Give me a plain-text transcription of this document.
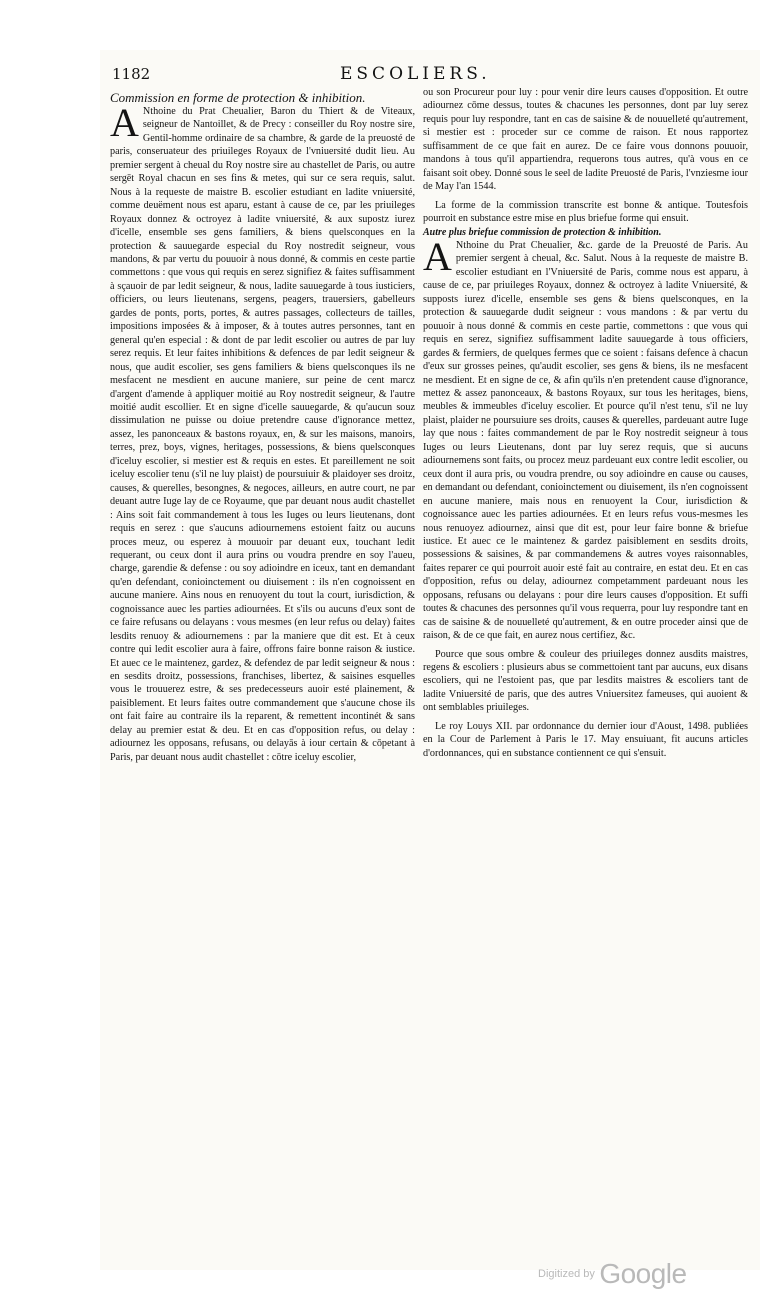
1182	ESCOLIERS.

Commission en forme de protection & inhibition.

A Nthoine du Prat Cheualier, Baron du Thiert & de Viteaux, seigneur de Nantoillet, & de Precy : conseiller du Roy nostre sire, Gentil-homme ordinaire de sa chambre, & garde de la preuosté de paris, conseruateur des priuileges Royaux de l'vniuersité dudit lieu. Au premier sergent à cheual du Roy nostre sire au chastellet de Paris, ou autre sergēt Royal chacun en ses fins & metes, qui sur ce sera requis, salut. Nous à la requeste de maistre B. escolier estudiant en ladite vniuersité, comme deuëment nous est aparu, estant à cause de ce, par les priuileges Royaux donnez & octroyez à ladite vniuersité, & aux supostz iurez d'icelle, ensemble ses gens familiers, & biens quelsconques en la protection & sauuegarde especial du Roy nostredit seigneur, vous mandons, & par vertu du pouuoir à nous donné, & commis en ceste partie commettons : que vous qui requis en serez signifiez & faites suffisamment à sçauoir de par ledit seigneur, & nous, ladite sauuegarde à tous iusticiers, officiers, ou leurs lieutenans, sergens, peagers, trauersiers, gabelleurs gardes de ponts, ports, portes, & autres passages, collecteurs de tailles, impositions imposées & à imposer, & à toutes autres personnes, tant en general qu'en especial : & dont de par ledit escolier ou autres de par luy serez requis. Et leur faites inhibitions & defences de par ledit seigneur & nous, que audit escolier, ses gens familiers & biens quelsconques ils ne mesfacent ne mesdient en aucune maniere, sur peine de cent marcz d'argent d'amende à appliquer moitié au Roy nostredit seigneur, & l'autre moitié audit escollier. Et en signe d'icelle sauuegarde, & qu'aucun souz dissimulation ne puisse ou doiue pretendre cause d'ignorance mettez, assez, les panonceaux & bastons royaux, en, & sur les maisons, manoirs, terres, prez, boys, vignes, heritages, possessions, & biens quelsconques d'iceluy escolier, si mestier est & requis en estes. Et pareillement ne soit iceluy escolier tenu (s'il ne luy plaist) de poursuiuir & plaidoyer ses droitz, causes, & querelles, besongnes, & negoces, ailleurs, en autre court, ne par deuant autre Iuge lay de ce Royaume, que par deuant nous audit chastellet : Ains soit fait commandement à tous les Iuges ou leurs lieutenans, dont requis en serez : que s'aucuns adiournemens estoient faitz ou aucuns proces meuz, ou esperez à mouuoir par deuant eux, touchant ledit requerant, ou ceux dont il aura prins ou voudra prendre en soy l'aueu, charge, garendie & defense : ou soy adioindre en iceux, tant en demandant qu'en defendant, conioinctement ou diuisement : ils n'en cognoissent en aucune maniere. Ains nous en renuoyent du tout la court, iurisdiction, & cognoissance auec les parties adiournées. Et s'ils ou aucuns d'eux sont de ce faire refusans ou delayans : vous mesmes (en leur refus ou delay) faites lesdits renuoy & adiournemens : par la maniere que dit est. Et à ceux contre qui ledit escolier aura à faire, offrons faire bonne raison & iustice. Et auec ce le maintenez, gardez, & defendez de par ledit seigneur & nous : en sesdits droitz, possessions, franchises, libertez, & saisines esquelles vous le trouuerez estre, & ses predecesseurs auoir esté plainement, & paisiblement. Et leurs faites outre commandement que s'aucune chose ils ont fait faire au contraire ils la reparent, & remettent incontinét & sans delay au premier estat & deu. Et en cas d'opposition refus, ou delay : adiournez les opposans, refusans, ou delayās à iour certain & cōpetant à Paris, par deuant nous audit chastellet : cōtre iceluy escolier,

ou son Procureur pour luy : pour venir dire leurs causes d'opposition. Et outre adiournez cōme dessus, toutes & chacunes les personnes, dont par luy serez requis pour luy respondre, tant en cas de saisine & de nouuelleté qu'autrement, si mestier est : proceder sur ce comme de raison. Et nous rapportez suffisamment de ce que fait en aurez. De ce faire vous donnons pouuoir, mandons à tous qu'il appartiendra, requerons tous autres, qu'à vous en ce faisant soit obey. Donné sous le seel de ladite Preuosté de Paris, l'vnziesme iour de May l'an 1544.

La forme de la commission transcrite est bonne & antique. Toutesfois pourroit en substance estre mise en plus briefue forme qui ensuit.

Autre plus briefue commission de protection & inhibition.

A Nthoine du Prat Cheualier, &c. garde de la Preuosté de Paris. Au premier sergent à cheual, &c. Salut. Nous à la requeste de maistre B. escolier estudiant en l'Vniuersité de Paris, comme nous est apparu, à cause de ce, par priuileges Royaux, donnez & octroyez à ladite Vniuersité, & supposts iurez d'icelle, ensemble ses gens & biens quelsconques, en la protection & sauuegarde dudit seigneur : vous mandons : & par vertu du pouuoir à nous donné & commis en ceste partie, commettons : que vous qui requis en serez, signifiez suffisamment ladite sauuegarde à tous officiers, gardes & fermiers, de quelques fermes que ce soient : faisans defence à chacun d'eux sur grosses peines, qu'audit escolier, ses gens & biens, ils ne mesfacent ne mesdient. Et en signe de ce, & afin qu'ils n'en pretendent cause d'ignorance, mettez & assez panonceaux, & bastons Royaux, sur tous les heritages, biens, meubles & immeubles d'iceluy escolier. Et pource qu'il n'est tenu, s'il ne luy plaist, plaider ne poursuiure ses droits, causes & querelles, pardeuant autre Iuge lay que nous : faites commandement de par le Roy nostredit seigneur à tous Iuges ou leurs Lieutenans, dont par luy serez requis, que si aucuns adiournemens sont faits, ou procez meuz pardeuant eux contre ledit escolier, ou ceux dont il aura pris, ou voudra prendre, ou soy adioindre en cause ou causes, en demandant ou defendant, conioinctement ou diuisement, ils n'en cognoissent en aucune maniere, mais nous en renuoyent la Cour, iurisdiction & cognoissance auec les parties adiournées. Et en leurs refus vous-mesmes les nous renuoyez adiournez, ainsi que dit est, pour leur faire bonne & briefue iustice. Et auec ce le maintenez & gardez paisiblement en sesdits droits, possessions & saisines, & par commandemens & autres voyes raisonnables, faites reparer ce qui pourroit auoir esté fait au contraire, en estat deu. Et en cas d'opposition, refus ou delay, adiournez competamment pardeuant nous les opposans, refusans ou delayans : pour dire leurs causes d'opposition. Et suffi toutes & chacunes des personnes qu'il vous requerra, pour luy respondre tant en cas de saisine & de nouuelleté qu'autrement, & en outre proceder ainsi que de raison, & de ce que fait, en aurez nous certifiez, &c.

Pource que sous ombre & couleur des priuileges donnez ausdits maistres, regens & escoliers : plusieurs abus se commettoient tant par aucuns, eux disans escoliers, qui ne l'estoient pas, que par lesdits maistres & escoliers tant de ladite Vniuersité de paris, que des autres Vniuersitez fameuses, qui auoient & ont semblables priuileges.

Le roy Louys XII. par ordonnance du dernier iour d'Aoust, 1498. publiées en la Cour de Parlement à Paris le 17. May ensuiuant, fit aucuns articles d'ordonnances, qui en substance contiennent ce qui s'ensuit.

Digitized by Google
